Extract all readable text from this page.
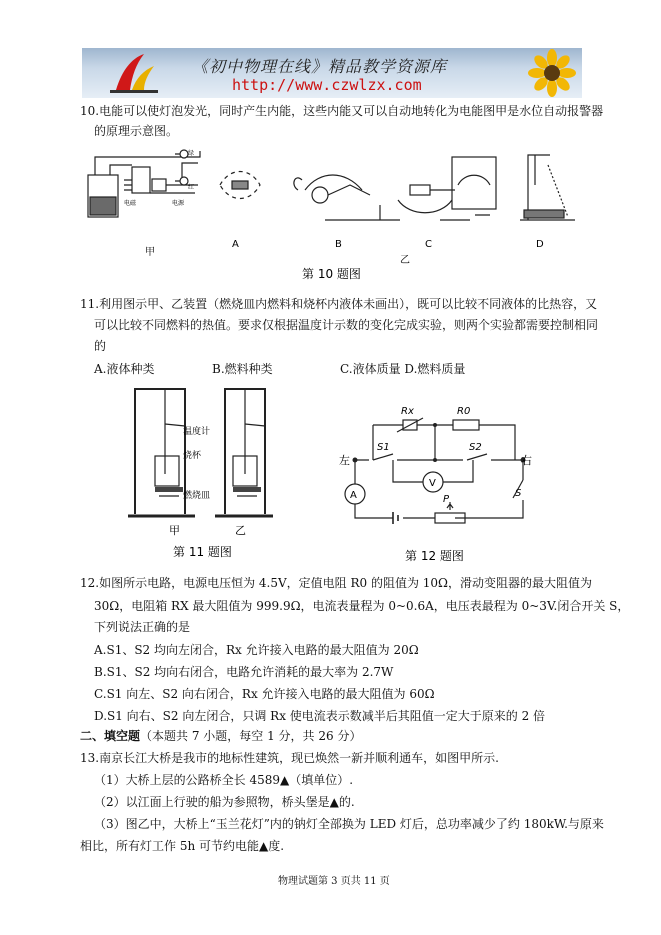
《初中物理在线》精品教学资源库
http://www.czwlzx.com
10.电能可以使灯泡发光，同时产生内能，这些内能又可以自动地转化为电能图甲是水位自动报警器
的原理示意图。
甲
A	B	C	D
乙
绿
红
电磁	电源
第 10 题图
11.利用图示甲、乙装置（燃烧皿内燃料和烧杯内液体未画出），既可以比较不同液体的比热容，又
可以比较不同燃料的热值。要求仅根据温度计示数的变化完成实验，则两个实验都需要控制相同
的
A.液体种类	B.燃料种类	C.液体质量 D.燃料质量
温度计
烧杯
燃烧皿
甲	乙
第 11 题图
Rx	R0
左	右
S1	S2
V
A	S
P
第 12 题图
12.如图所示电路，电源电压恒为 4.5V，定值电阻 R0 的阻值为 10Ω，滑动变阻器的最大阻值为
30Ω，电阻箱 RX 最大阻值为 999.9Ω，电流表量程为 0~0.6A，电压表最程为 0~3V.闭合开关 S，
下列说法正确的是
A.S1、S2 均向左闭合，Rx 允许接入电路的最大阻值为 20Ω
B.S1、S2 均向右闭合，电路允许消耗的最大率为 2.7W
C.S1 向左、S2 向右闭合，Rx 允许接入电路的最大阻值为 60Ω
D.S1 向右、S2 向左闭合，只调 Rx 使电流表示数减半后其阻值一定大于原来的 2 倍
二、填空题（本题共 7 小题，每空 1 分，共 26 分）
13.南京长江大桥是我市的地标性建筑，现已焕然一新并顺利通车，如图甲所示.
（1）大桥上层的公路桥全长 4589▲（填单位）.
（2）以江面上行驶的船为参照物，桥头堡是▲的.
（3）图乙中，大桥上“玉兰花灯”内的钠灯全部换为 LED 灯后，总功率减少了约 180kW.与原来
相比，所有灯工作 5h 可节约电能▲度.
物理试题第 3 页共 11 页
